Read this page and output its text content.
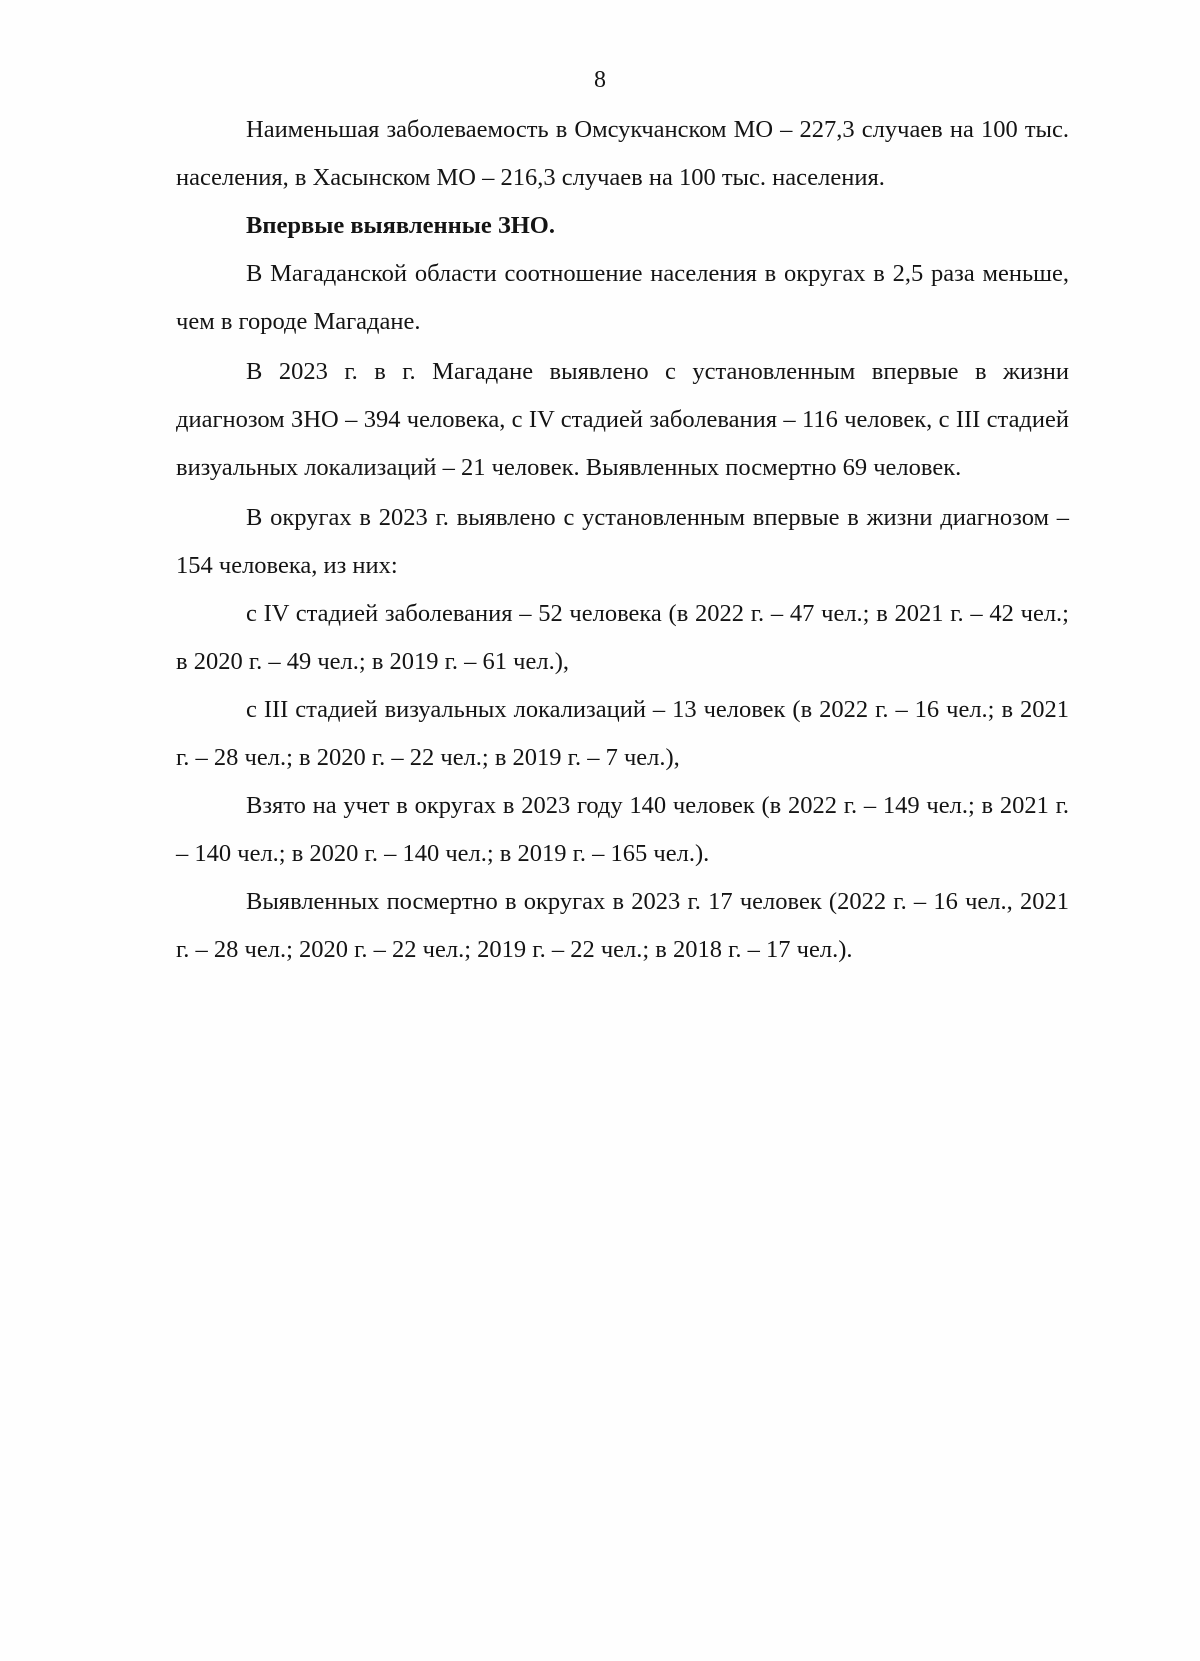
8

Наименьшая заболеваемость в Омсукчанском МО – 227,3 случаев на 100 тыс. населения, в Хасынском МО – 216,3 случаев на 100 тыс. населения.

Впервые выявленные ЗНО.

В Магаданской области соотношение населения в округах в 2,5 раза меньше, чем в городе Магадане.

В 2023 г. в г. Магадане выявлено с установленным впервые в жизни диагнозом ЗНО – 394 человека, с IV стадией заболевания – 116 человек, с III стадией визуальных локализаций – 21 человек. Выявленных посмертно 69 человек.

В округах в 2023 г. выявлено с установленным впервые в жизни диагнозом – 154 человека, из них:

с IV стадией заболевания – 52 человека (в 2022 г. – 47 чел.; в 2021 г. – 42 чел.; в 2020 г. – 49 чел.; в 2019 г. – 61 чел.),

с III стадией визуальных локализаций – 13 человек (в 2022 г. – 16 чел.; в 2021 г. – 28 чел.; в 2020 г. – 22 чел.; в 2019 г. – 7 чел.),

Взято на учет в округах в 2023 году 140 человек (в 2022 г. – 149 чел.; в 2021 г. – 140 чел.; в 2020 г. – 140 чел.; в 2019 г. – 165 чел.).

Выявленных посмертно в округах в 2023 г. 17 человек (2022 г. – 16 чел., 2021 г. – 28 чел.; 2020 г. – 22 чел.; 2019 г. – 22 чел.; в 2018 г. – 17 чел.).
